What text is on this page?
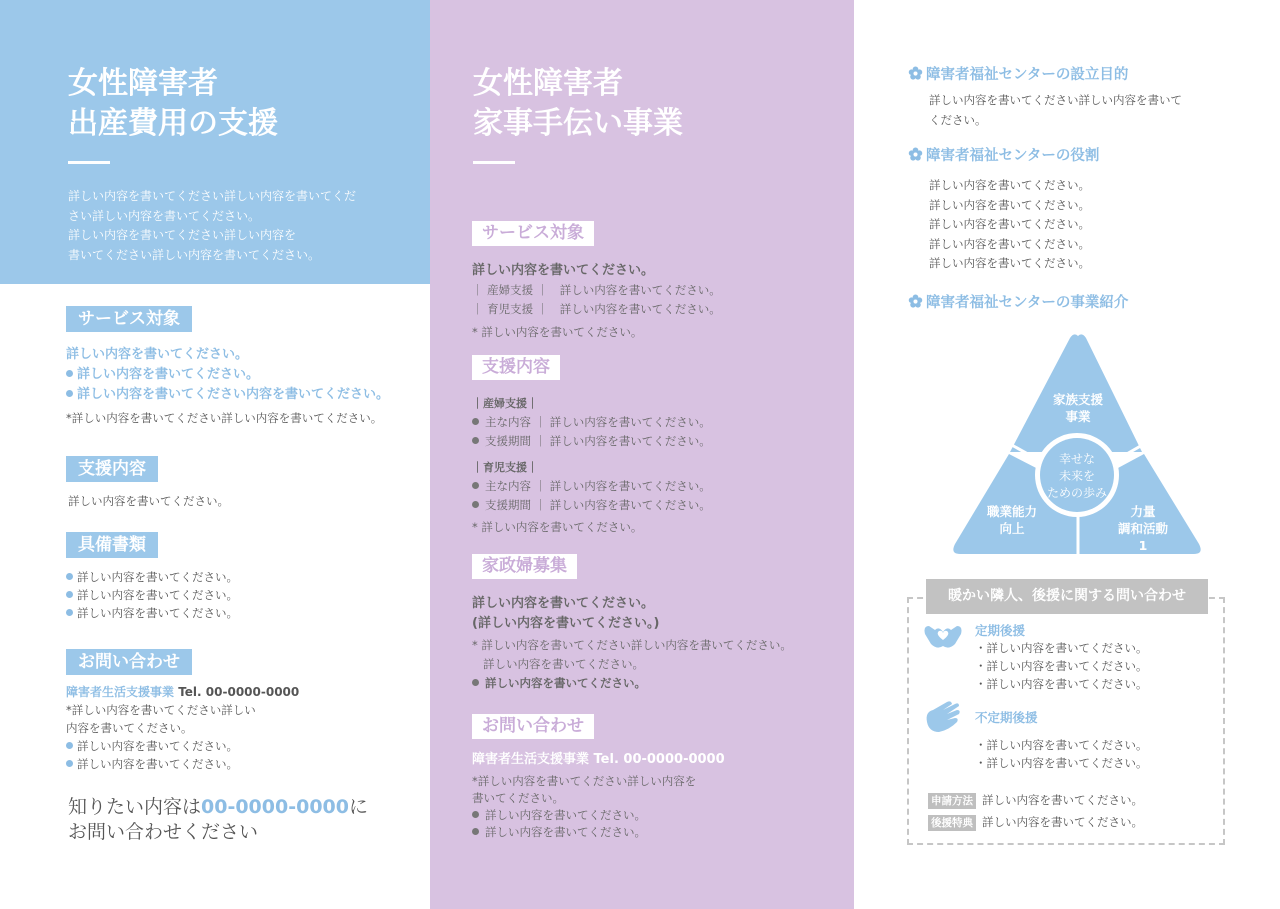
女性障害者
出産費用の支援

詳しい内容を書いてください詳しい内容を書いてくだ

さい詳しい内容を書いてください。

詳しい内容を書いてください詳しい内容を

書いてください詳しい内容を書いてください。

サービス対象

詳しい内容を書いてください。

詳しい内容を書いてください。

詳しい内容を書いてください内容を書いてください。

*詳しい内容を書いてください詳しい内容を書いてください。

支援内容

詳しい内容を書いてください。

具備書類

詳しい内容を書いてください。

詳しい内容を書いてください。

詳しい内容を書いてください。

お問い合わせ

障害者生活支援事業 Tel. 00-0000-0000

*詳しい内容を書いてください詳しい

内容を書いてください。

詳しい内容を書いてください。

詳しい内容を書いてください。

知りたい内容は00-0000-0000に

お問い合わせください

女性障害者
家事手伝い事業
サービス対象

詳しい内容を書いてください。

｜ 産婦支援 ｜　詳しい内容を書いてください。

｜ 育児支援 ｜　詳しい内容を書いてください。

* 詳しい内容を書いてください。

支援内容

｜産婦支援｜

主な内容 ｜ 詳しい内容を書いてください。

支援期間 ｜ 詳しい内容を書いてください。

｜育児支援｜

主な内容 ｜ 詳しい内容を書いてください。

支援期間 ｜ 詳しい内容を書いてください。

* 詳しい内容を書いてください。

家政婦募集

詳しい内容を書いてください。

(詳しい内容を書いてください。)

* 詳しい内容を書いてください詳しい内容を書いてください。

詳しい内容を書いてください。

詳しい内容を書いてください。

お問い合わせ

障害者生活支援事業 Tel. 00-0000-0000

*詳しい内容を書いてください詳しい内容を

書いてください。

詳しい内容を書いてください。

詳しい内容を書いてください。

障害者福祉センターの設立目的

詳しい内容を書いてください詳しい内容を書いて

ください。

障害者福祉センターの役割

詳しい内容を書いてください。

詳しい内容を書いてください。

詳しい内容を書いてください。

詳しい内容を書いてください。

詳しい内容を書いてください。

障害者福祉センターの事業紹介

家族支援
事業
職業能力
向上
力量
調和活動
1
幸せな
未来を
ための歩み
暖かい隣人、後援に関する問い合わせ

定期後援

・詳しい内容を書いてください。

・詳しい内容を書いてください。

・詳しい内容を書いてください。

不定期後援

・詳しい内容を書いてください。

・詳しい内容を書いてください。

申請方法 詳しい内容を書いてください。

後援特典 詳しい内容を書いてください。
